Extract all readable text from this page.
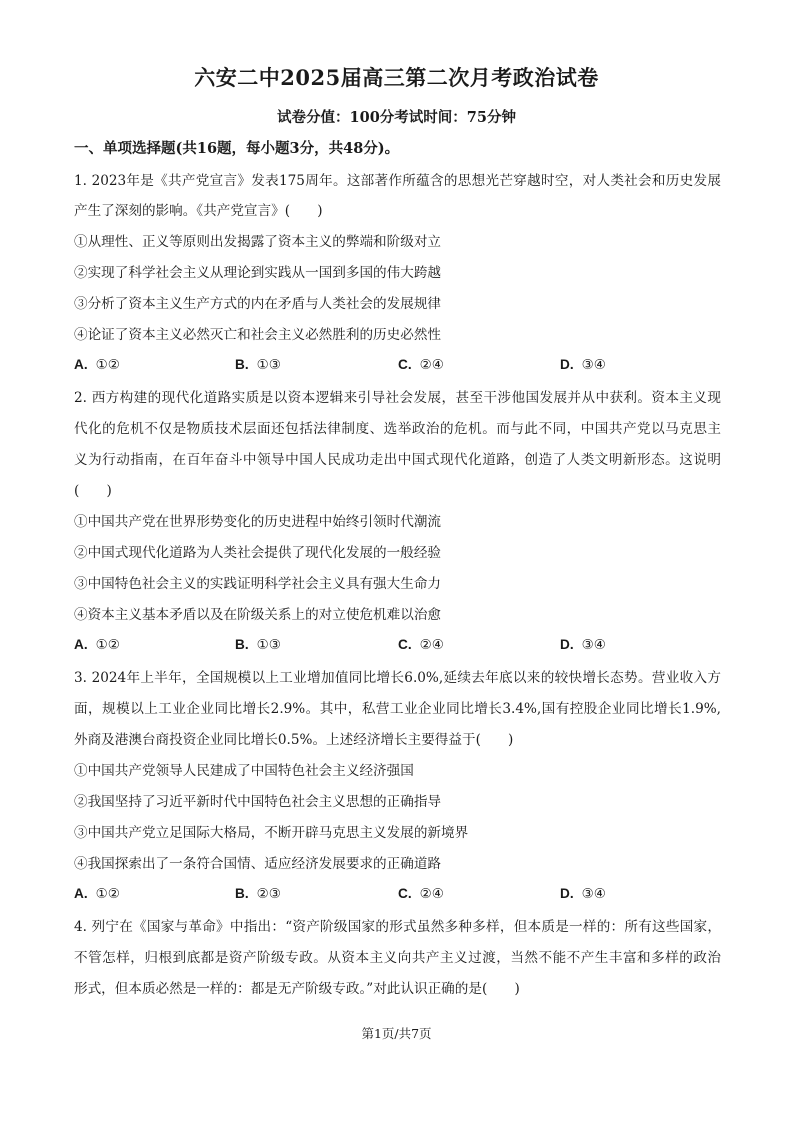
六安二中2025届高三第二次月考政治试卷
试卷分值：100分考试时间：75分钟
一、单项选择题(共16题，每小题3分，共48分)。
1. 2023年是《共产党宣言》发表175周年。这部著作所蕴含的思想光芒穿越时空，对人类社会和历史发展
产生了深刻的影响。《共产党宣言》(　　)
①从理性、正义等原则出发揭露了资本主义的弊端和阶级对立
②实现了科学社会主义从理论到实践从一国到多国的伟大跨越
③分析了资本主义生产方式的内在矛盾与人类社会的发展规律
④论证了资本主义必然灭亡和社会主义必然胜利的历史必然性
A. ①②	B. ①③	C. ②④	D. ③④
2. 西方构建的现代化道路实质是以资本逻辑来引导社会发展，甚至干涉他国发展并从中获利。资本主义现
代化的危机不仅是物质技术层面还包括法律制度、选举政治的危机。而与此不同，中国共产党以马克思主
义为行动指南，在百年奋斗中领导中国人民成功走出中国式现代化道路，创造了人类文明新形态。这说明
(　　)
①中国共产党在世界形势变化的历史进程中始终引领时代潮流
②中国式现代化道路为人类社会提供了现代化发展的一般经验
③中国特色社会主义的实践证明科学社会主义具有强大生命力
④资本主义基本矛盾以及在阶级关系上的对立使危机难以治愈
A. ①②	B. ①③	C. ②④	D. ③④
3. 2024年上半年，全国规模以上工业增加值同比增长6.0%,延续去年底以来的较快增长态势。营业收入方
面，规模以上工业企业同比增长2.9%。其中，私营工业企业同比增长3.4%,国有控股企业同比增长1.9%,
外商及港澳台商投资企业同比增长0.5%。上述经济增长主要得益于(　　)
①中国共产党领导人民建成了中国特色社会主义经济强国
②我国坚持了习近平新时代中国特色社会主义思想的正确指导
③中国共产党立足国际大格局，不断开辟马克思主义发展的新境界
④我国探索出了一条符合国情、适应经济发展要求的正确道路
A. ①②	B. ②③	C. ②④	D. ③④
4. 列宁在《国家与革命》中指出：“资产阶级国家的形式虽然多种多样，但本质是一样的：所有这些国家，
不管怎样，归根到底都是资产阶级专政。从资本主义向共产主义过渡，当然不能不产生丰富和多样的政治
形式，但本质必然是一样的：都是无产阶级专政。”对此认识正确的是(　　)
第1页/共7页
